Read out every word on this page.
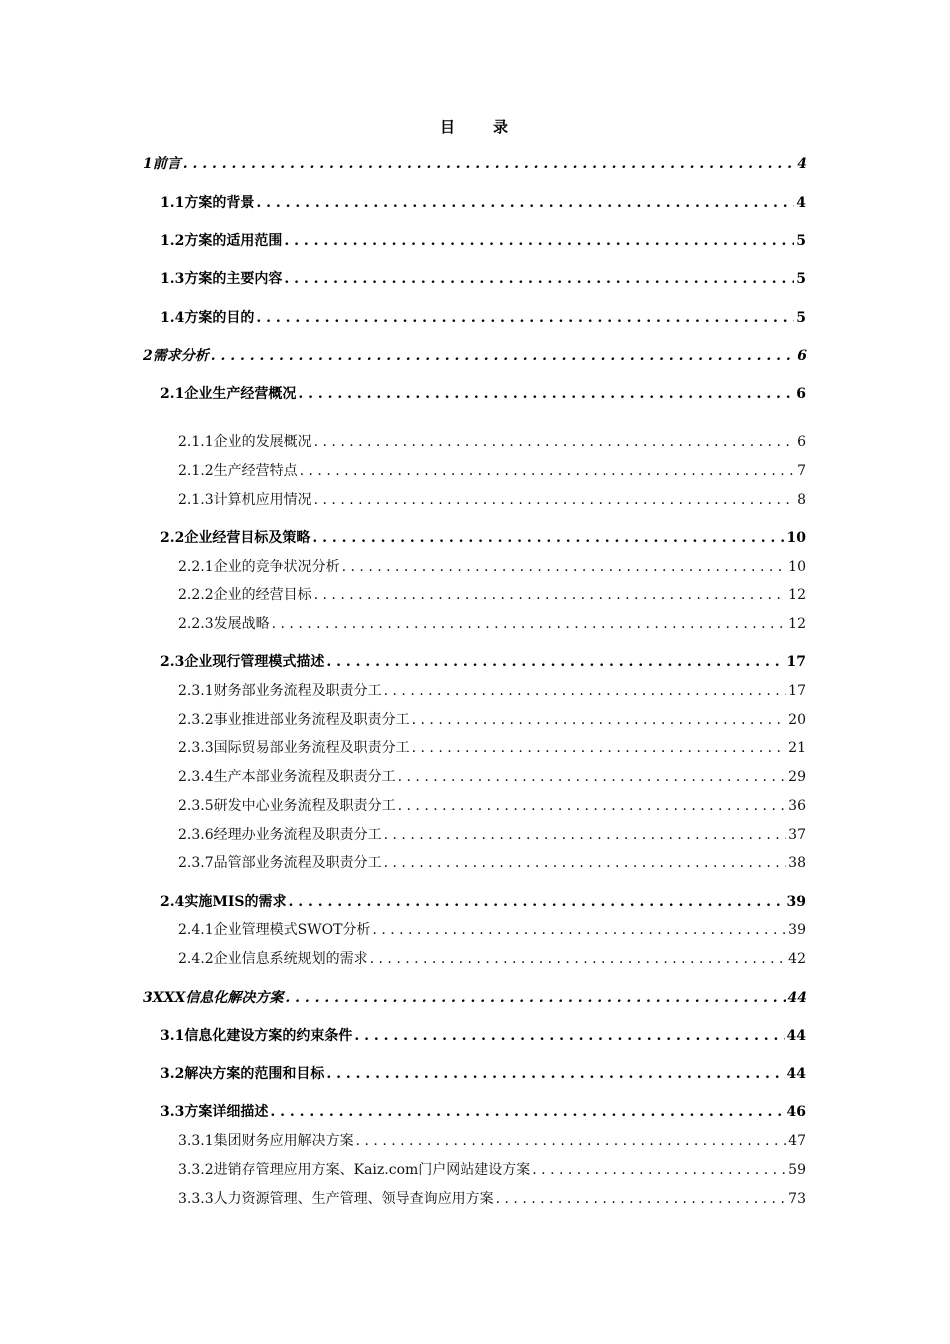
目 录
1前言 . . .	4
1.1方案的背景 . . .	4
1.2方案的适用范围 . . .	5
1.3方案的主要内容 . . .	5
1.4方案的目的 . . .	5
2需求分析 . . .	6
2.1企业生产经营概况 . . .	6
2.1.1企业的发展概况 . . .	6
2.1.2生产经营特点 . . .	7
2.1.3计算机应用情况 . . .	8
2.2企业经营目标及策略 . . .	10
2.2.1企业的竞争状况分析 . . .	10
2.2.2企业的经营目标 . . .	12
2.2.3发展战略 . . .	12
2.3企业现行管理模式描述 . . .	17
2.3.1财务部业务流程及职责分工 . . .	17
2.3.2事业推进部业务流程及职责分工 . . .	20
2.3.3国际贸易部业务流程及职责分工 . . .	21
2.3.4生产本部业务流程及职责分工 . . .	29
2.3.5研发中心业务流程及职责分工 . . .	36
2.3.6经理办业务流程及职责分工 . . .	37
2.3.7品管部业务流程及职责分工 . . .	38
2.4实施MIS的需求 . . .	39
2.4.1企业管理模式SWOT分析 . . .	39
2.4.2企业信息系统规划的需求 . . .	42
3XXX信息化解决方案 . . .	44
3.1信息化建设方案的约束条件 . . .	44
3.2解决方案的范围和目标 . . .	44
3.3方案详细描述 . . .	46
3.3.1集团财务应用解决方案 . . .	47
3.3.2进销存管理应用方案、Kaiz.com门户网站建设方案 . . .	59
3.3.3人力资源管理、生产管理、领导查询应用方案 . . .	73
